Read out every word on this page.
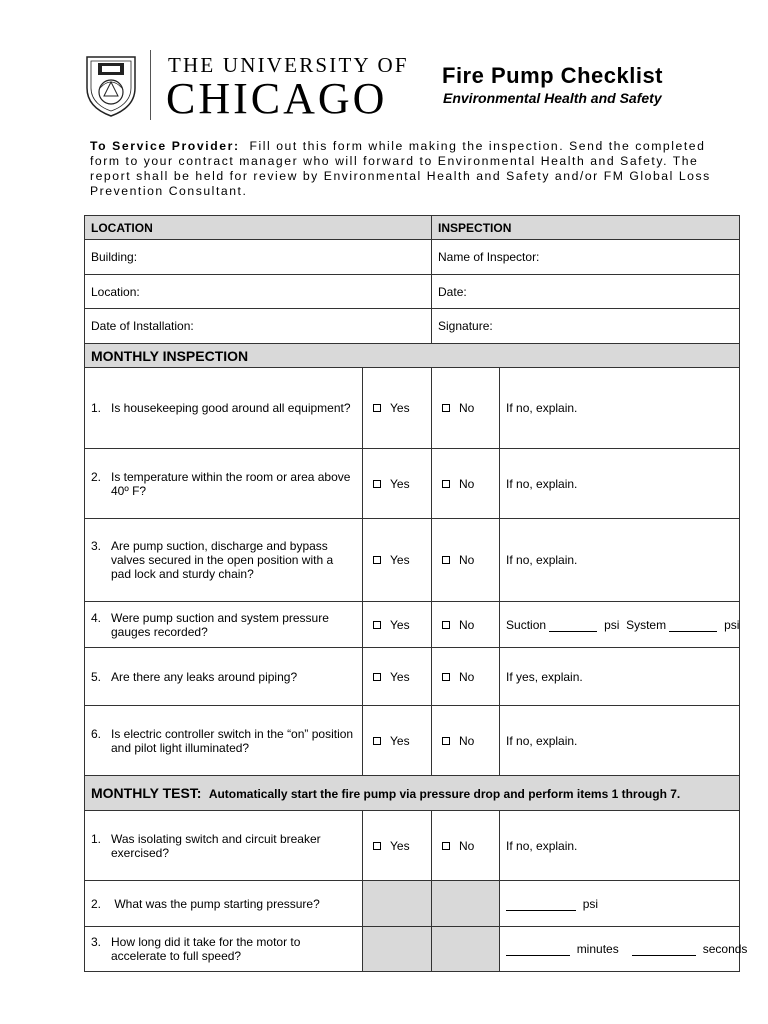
THE UNIVERSITY OF
CHICAGO Fire Pump Checklist
Environmental Health and Safety
To Service Provider: Fill out this form while making the inspection. Send the completed form to your contract manager who will forward to Environmental Health and Safety. The report shall be held for review by Environmental Health and Safety and/or FM Global Loss Prevention Consultant.
LOCATION		INSPECTION	
Building:		Name of Inspector:	
Location:		Date:	
Date of Installation:		Signature:	
MONTHLY INSPECTION			

1. Is housekeeping good around all equipment?	Yes	No	If no, explain.

2. Is temperature within the room or area above 40º F?	Yes	No	If no, explain.

3. Are pump suction, discharge and bypass valves secured in the open position with a pad lock and sturdy chain?	Yes	No	If no, explain.

4. Were pump suction and system pressure gauges recorded?	Yes	No	Suction psi System psi

5. Are there any leaks around piping?	Yes	No	If yes, explain.

6. Is electric controller switch in the “on” position and pilot light illuminated?	Yes	No	If no, explain.
MONTHLY TEST: Automatically start the fire pump via pressure drop and perform items 1 through 7.			

1. Was isolating switch and circuit breaker exercised?	Yes	No	If no, explain.

2. What was the pump starting pressure?			psi

3. How long did it take for the motor to accelerate to full speed?			minutes seconds
